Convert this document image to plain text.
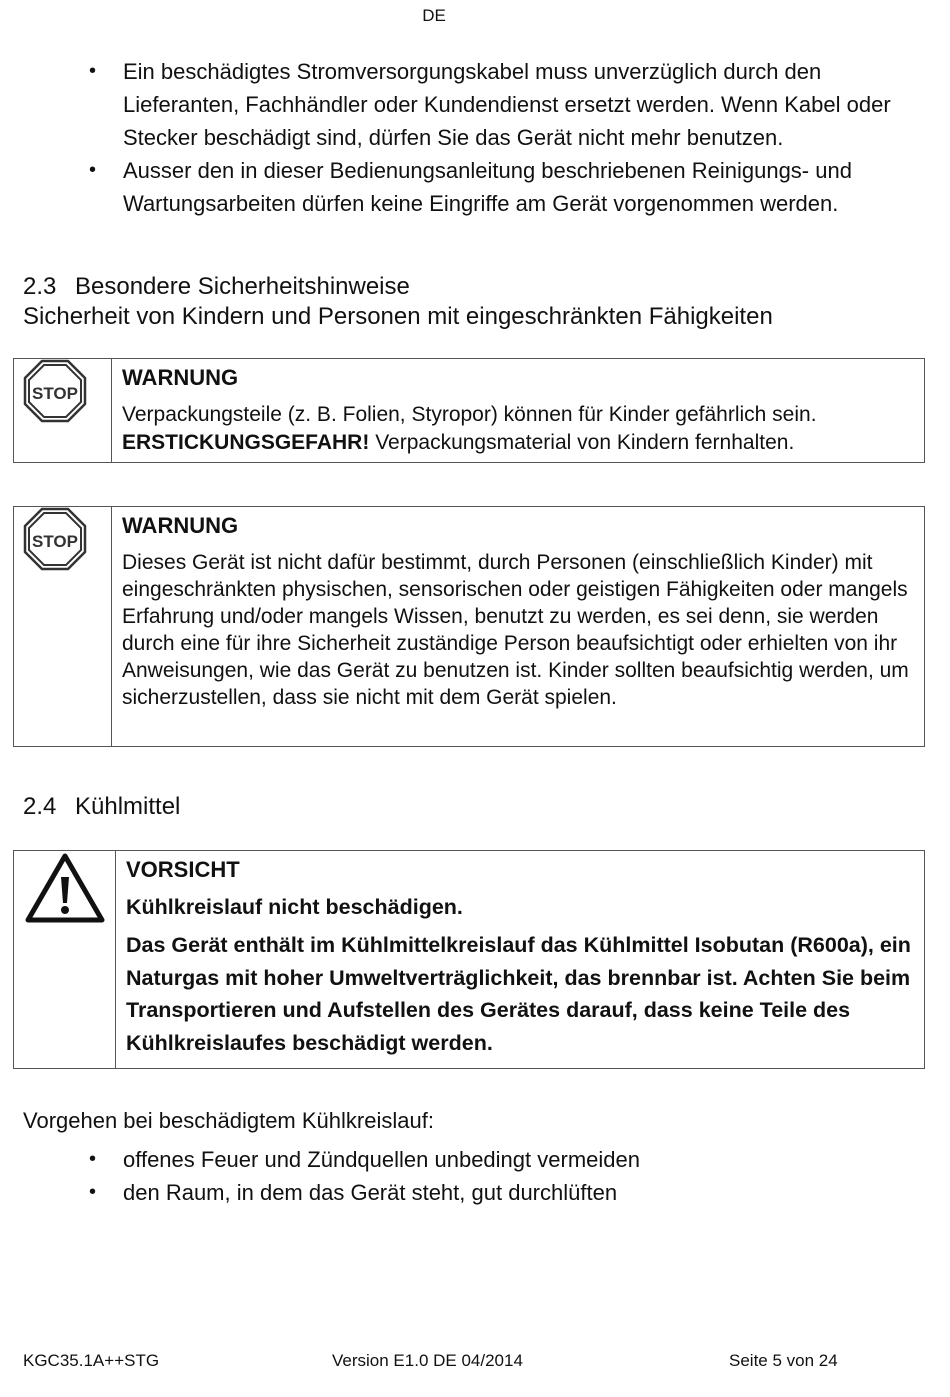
DE
• Ein beschädigtes Stromversorgungskabel muss unverzüglich durch den Lieferanten, Fachhändler oder Kundendienst ersetzt werden. Wenn Kabel oder Stecker beschädigt sind, dürfen Sie das Gerät nicht mehr benutzen.
• Ausser den in dieser Bedienungsanleitung beschriebenen Reinigungs- und Wartungsarbeiten dürfen keine Eingriffe am Gerät vorgenommen werden.
2.3 Besondere Sicherheitshinweise
Sicherheit von Kindern und Personen mit eingeschränkten Fähigkeiten
STOP
WARNUNG

Verpackungsteile (z. B. Folien, Styropor) können für Kinder gefährlich sein.
ERSTICKUNGSGEFAHR! Verpackungsmaterial von Kindern fernhalten.

STOP
WARNUNG

Dieses Gerät ist nicht dafür bestimmt, durch Personen (einschließlich Kinder) mit eingeschränkten physischen, sensorischen oder geistigen Fähigkeiten oder mangels Erfahrung und/oder mangels Wissen, benutzt zu werden, es sei denn, sie werden durch eine für ihre Sicherheit zuständige Person beaufsichtigt oder erhielten von ihr Anweisungen, wie das Gerät zu benutzen ist. Kinder sollten beaufsichtig werden, um sicherzustellen, dass sie nicht mit dem Gerät spielen.

2.4 Kühlmittel
VORSICHT

Kühlkreislauf nicht beschädigen.

Das Gerät enthält im Kühlmittelkreislauf das Kühlmittel Isobutan (R600a), ein Naturgas mit hoher Umweltverträglichkeit, das brennbar ist. Achten Sie beim Transportieren und Aufstellen des Gerätes darauf, dass keine Teile des Kühlkreislaufes beschädigt werden.

Vorgehen bei beschädigtem Kühlkreislauf:
• offenes Feuer und Zündquellen unbedingt vermeiden
• den Raum, in dem das Gerät steht, gut durchlüften
KGC35.1A++STG	Version E1.0 DE 04/2014	Seite 5 von 24
